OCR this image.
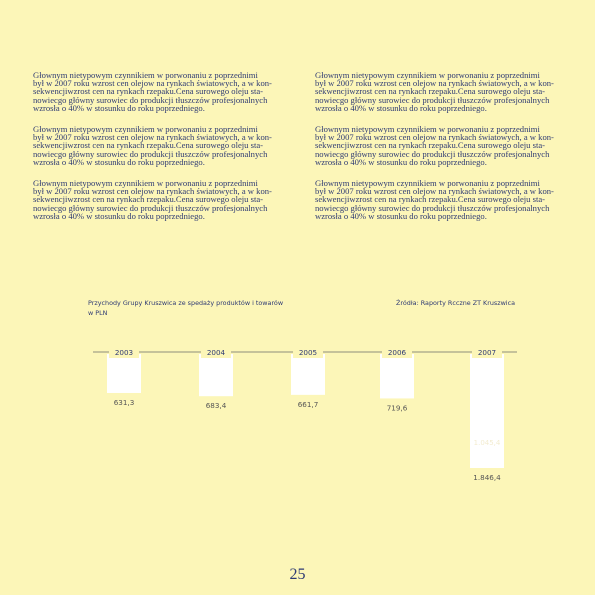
Głownym nietypowym czynnikiem w porwonaniu z poprzednimi
był w 2007 roku wzrost cen olejow na rynkach światowych, a w kon-
sekwencjiwzrost cen na rynkach rzepaku.Cena surowego oleju sta-
nowiecgo główny surowiec do produkcji tłuszczów profesjonalnych
wzrosła o 40% w stosunku do roku poprzedniego.

Głownym nietypowym czynnikiem w porwonaniu z poprzednimi
był w 2007 roku wzrost cen olejow na rynkach światowych, a w kon-
sekwencjiwzrost cen na rynkach rzepaku.Cena surowego oleju sta-
nowiecgo główny surowiec do produkcji tłuszczów profesjonalnych
wzrosła o 40% w stosunku do roku poprzedniego.

Głownym nietypowym czynnikiem w porwonaniu z poprzednimi
był w 2007 roku wzrost cen olejow na rynkach światowych, a w kon-
sekwencjiwzrost cen na rynkach rzepaku.Cena surowego oleju sta-
nowiecgo główny surowiec do produkcji tłuszczów profesjonalnych
wzrosła o 40% w stosunku do roku poprzedniego.

Głownym nietypowym czynnikiem w porwonaniu z poprzednimi
był w 2007 roku wzrost cen olejow na rynkach światowych, a w kon-
sekwencjiwzrost cen na rynkach rzepaku.Cena surowego oleju sta-
nowiecgo główny surowiec do produkcji tłuszczów profesjonalnych
wzrosła o 40% w stosunku do roku poprzedniego.

Głownym nietypowym czynnikiem w porwonaniu z poprzednimi
był w 2007 roku wzrost cen olejow na rynkach światowych, a w kon-
sekwencjiwzrost cen na rynkach rzepaku.Cena surowego oleju sta-
nowiecgo główny surowiec do produkcji tłuszczów profesjonalnych
wzrosła o 40% w stosunku do roku poprzedniego.

Głownym nietypowym czynnikiem w porwonaniu z poprzednimi
był w 2007 roku wzrost cen olejow na rynkach światowych, a w kon-
sekwencjiwzrost cen na rynkach rzepaku.Cena surowego oleju sta-
nowiecgo główny surowiec do produkcji tłuszczów profesjonalnych
wzrosła o 40% w stosunku do roku poprzedniego.

Przychody Grupy Kruszwica ze spedaży produktów i towarów
w PLN
Źródła: Raporty Rcczne ZT Kruszwica
2003
631,3
2004
683,4
2005
661,7
2006
719,6
2007
1.846,4
1.045,4
25
